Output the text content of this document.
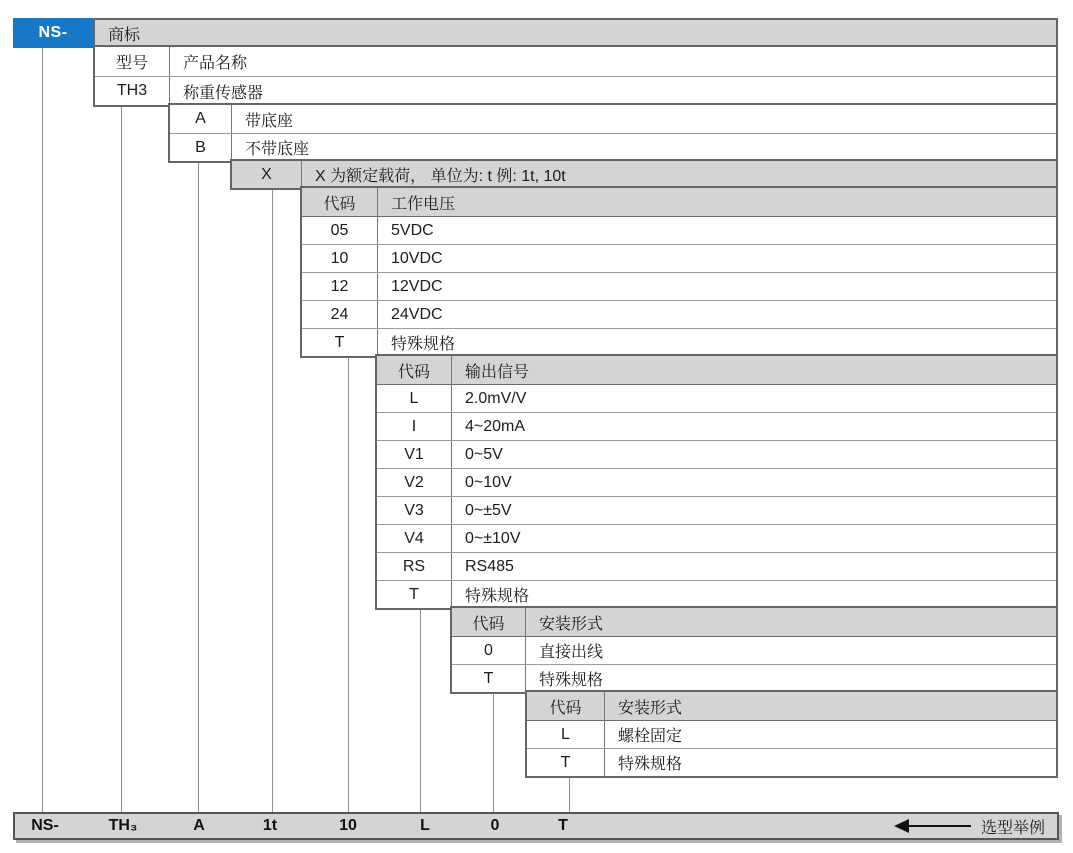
NS-	商标
型号	产品名称
TH3	称重传感器
A	带底座
B	不带底座
X	X 为额定载荷， 单位为: t 例: 1t, 10t
代码	工作电压
05	5VDC
10	10VDC
12	12VDC
24	24VDC
T	特殊规格
代码	输出信号
L	2.0mV/V
I	4~20mA
V1	0~5V
V2	0~10V
V3	0~±5V
V4	0~±10V
RS	RS485
T	特殊规格
代码	安装形式
0	直接出线
T	特殊规格
代码	安装形式
L	螺栓固定
T	特殊规格
NS-	TH₃	A	1t	10	L	0	T	选型举例
